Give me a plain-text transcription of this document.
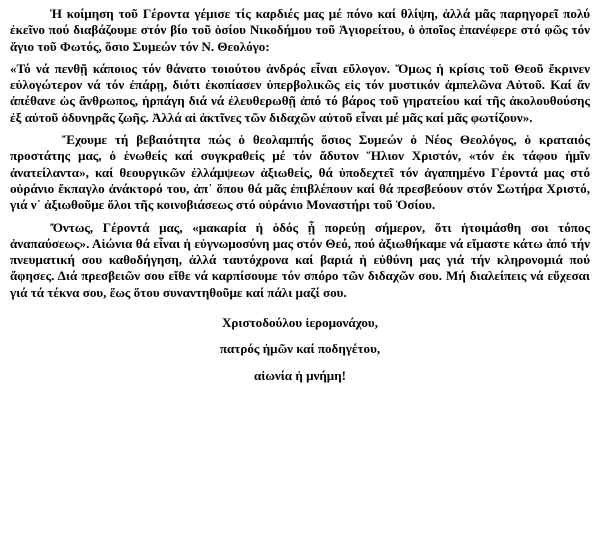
Ἡ κοίμηση τοῦ Γέροντα γέμισε τίς καρδιές μας μέ πόνο καί θλίψη, ἀλλά μᾶς παρηγορεῖ πολύ ἐκεῖνο πού διαβάζουμε στόν βίο τοῦ ὁσίου Νικοδήμου τοῦ Ἁγιορείτου, ὁ ὁποῖος ἐπανέφερε στό φῶς τόν ἅγιο τοῦ Φωτός, ὅσιο Συμεών τόν Ν. Θεολόγο:

«Τό νά πενθῇ κάποιος τόν θάνατο τοιούτου ἀνδρός εἶναι εὔλογον. Ὅμως ἡ κρίσις τοῦ Θεοῦ ἔκρινεν εὐλογώτερον νά τόν ἐπάρῃ, διότι ἐκοπίασεν ὑπερβολικῶς εἰς τόν μυστικόν ἀμπελῶνα Αὐτοῦ. Καί ἄν ἀπέθανε ὡς ἄνθρωπος, ἡρπάγη διά νά ἐλευθερωθῇ ἀπό τό βάρος τοῦ γηρατείου καί τῆς ἀκολουθούσης ἐξ αὐτοῦ ὀδυνηρᾶς ζωῆς. Ἀλλά αἱ ἀκτῖνες τῶν διδαχῶν αὐτοῦ εἶναι μέ μᾶς καί μᾶς φωτίζουν».

Ἔχουμε τή βεβαιότητα πώς ὁ θεολαμπής ὅσιος Συμεών ὁ Νέος Θεολόγος, ὁ κραταιός προστάτης μας, ὁ ἑνωθείς καί συγκραθείς μέ τόν ἄδυτον Ἥλιον Χριστόν, «τόν ἐκ τάφου ἡμῖν ἀνατείλαντα», καί θεουργικῶν ἐλλάμψεων ἀξιωθείς, θά ὑποδεχτεῖ τόν ἀγαπημένο Γέροντά μας στό οὐράνιο ἔκπαγλο ἀνάκτορό του, ἀπ᾽ ὅπου θά μᾶς ἐπιβλέπουν καί θά πρεσβεύουν στόν Σωτήρα Χριστό, γιά ν᾽ ἀξιωθοῦμε ὅλοι τῆς κοινοβιάσεως στό οὐράνιο Μοναστήρι τοῦ Ὁσίου.

Ὄντως, Γέροντά μας, «μακαρία ἡ ὁδός ᾗ πορεύῃ σήμερον, ὅτι ἡτοιμάσθη σοι τόπος ἀναπαύσεως». Αἰώνια θά εἶναι ἡ εὐγνωμοσύνη μας στόν Θεό, πού ἀξιωθήκαμε νά εἴμαστε κάτω ἀπό τήν πνευματική σου καθοδήγηση, ἀλλά ταυτόχρονα καί βαριά ἡ εὐθύνη μας γιά τήν κληρονομιά πού ἄφησες. Διά πρεσβειῶν σου εἴθε νά καρπίσουμε τόν σπόρο τῶν διδαχῶν σου. Μή διαλείπεις νά εὔχεσαι γιά τά τέκνα σου, ἕως ὅτου συναντηθοῦμε καί πάλι μαζί σου.

Χριστοδούλου ἱερομονάχου,
πατρός ἡμῶν καί ποδηγέτου,
αἰωνία ἡ μνήμη!
